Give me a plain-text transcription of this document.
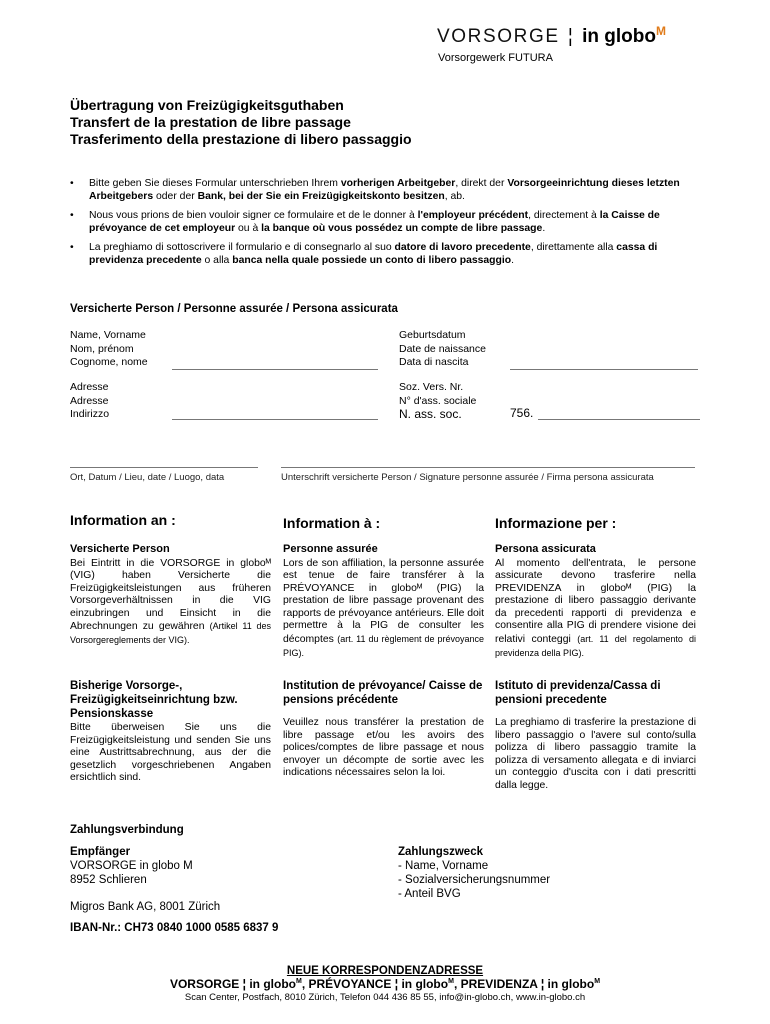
VORSORGE ¦ in globo$^M$
Vorsorgewerk FUTURA
Übertragung von Freizügigkeitsguthaben
Transfert de la prestation de libre passage
Trasferimento della prestazione di libero passaggio
• Bitte geben Sie dieses Formular unterschrieben Ihrem vorherigen Arbeitgeber, direkt der Vorsorgeeinrichtung dieses letzten Arbeitgebers oder der Bank, bei der Sie ein Freizügigkeitskonto besitzen, ab.
• Nous vous prions de bien vouloir signer ce formulaire et de le donner à l'employeur précédent, directement à la Caisse de prévoyance de cet employeur ou à la banque où vous possédez un compte de libre passage.
• La preghiamo di sottoscrivere il formulario e di consegnarlo al suo datore di lavoro precedente, direttamente alla cassa di previdenza precedente o alla banca nella quale possiede un conto di libero passaggio.
Versicherte Person / Personne assurée / Persona assicurata
Name, Vorname
Nom, prénom
Cognome, nome
Geburtsdatum
Date de naissance
Data di nascita
Adresse
Adresse
Indirizzo
Soz. Vers. Nr.
N° d'ass. sociale
N. ass. soc.	756.
Ort, Datum / Lieu, date / Luogo, data	Unterschrift versicherte Person / Signature personne assurée / Firma persona assicurata
Information an :	Information à :	Informazione per :
Versicherte Person
Bei Eintritt in die VORSORGE in globoᴹ (VIG) haben Versicherte die Freizügigkeitsleistungen aus früheren Vorsorgeverhältnissen in die VIG einzubringen und Einsicht in die Abrechnungen zu gewähren (Artikel 11 des Vorsorgereglements der VIG).
Personne assurée
Lors de son affiliation, la personne assurée est tenue de faire transférer à la PRÉVOYANCE in globoᴹ (PIG) la prestation de libre passage provenant des rapports de prévoyance antérieurs. Elle doit permettre à la PIG de consulter les décomptes (art. 11 du règlement de prévoyance PIG).
Persona assicurata
Al momento dell'entrata, le persone assicurate devono trasferire nella PREVIDENZA in globoᴹ (PIG) la prestazione di libero passaggio derivante da precedenti rapporti di previdenza e consentire alla PIG di prendere visione dei relativi conteggi (art. 11 del regolamento di previdenza della PIG).
Bisherige Vorsorge-, Freizügigkeitseinrichtung bzw. Pensionskasse
Bitte überweisen Sie uns die Freizügigkeitsleistung und senden Sie uns eine Austrittsabrechnung, aus der die gesetzlich vorgeschriebenen Angaben ersichtlich sind.
Institution de prévoyance/ Caisse de pensions précédente
Veuillez nous transférer la prestation de libre passage et/ou les avoirs des polices/comptes de libre passage et nous envoyer un décompte de sortie avec les indications nécessaires selon la loi.
Istituto di previdenza/Cassa di pensioni precedente
La preghiamo di trasferire la prestazione di libero passaggio o l'avere sul conto/sulla polizza di libero passaggio tramite la polizza di versamento allegata e di inviarci un conteggio d'uscita con i dati prescritti dalla legge.
Zahlungsverbindung
Empfänger
VORSORGE in globo M
8952 Schlieren
Zahlungszweck
- Name, Vorname
- Sozialversicherungsnummer
- Anteil BVG
Migros Bank AG, 8001 Zürich
IBAN-Nr.: CH73 0840 1000 0585 6837 9
NEUE KORRESPONDENZADRESSE
VORSORGE ¦ in globo$^M$, PRÉVOYANCE ¦ in globo$^M$, PREVIDENZA ¦ in globo$^M$
Scan Center, Postfach, 8010 Zürich, Telefon 044 436 85 55, info@in-globo.ch, www.in-globo.ch
